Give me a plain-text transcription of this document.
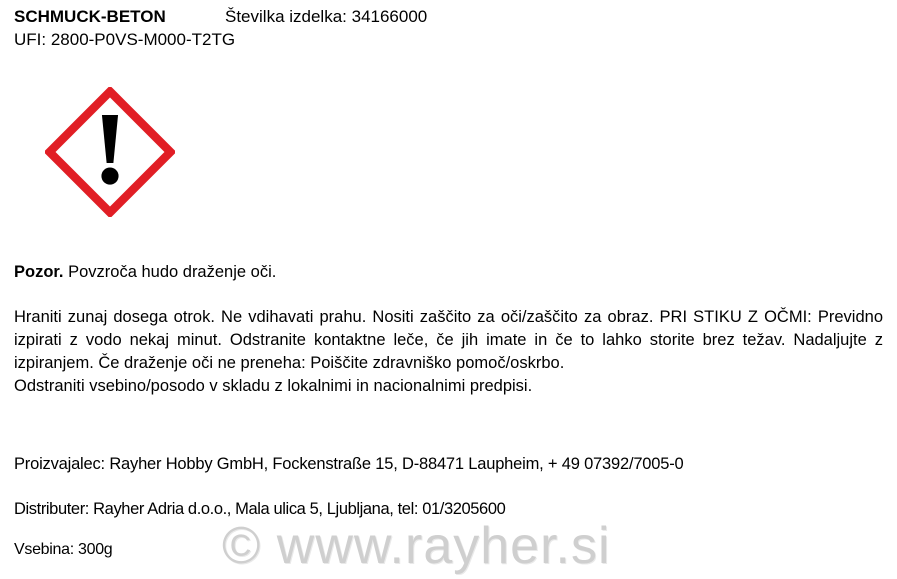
SCHMUCK-BETON	Številka izdelka: 34166000
UFI: 2800-P0VS-M000-T2TG
Pozor. Povzroča hudo draženje oči.

Hraniti zunaj dosega otrok. Ne vdihavati prahu. Nositi zaščito za oči/zaščito za obraz. PRI STIKU Z OČMI: Previdno izpirati z vodo nekaj minut. Odstranite kontaktne leče, če jih imate in če to lahko storite brez težav. Nadaljujte z izpiranjem. Če draženje oči ne preneha: Poiščite zdravniško pomoč/oskrbo.

Odstraniti vsebino/posodo v skladu z lokalnimi in nacionalnimi predpisi.

Proizvajalec: Rayher Hobby GmbH, Fockenstraße 15, D-88471 Laupheim, + 49 07392/7005-0
Distributer: Rayher Adria d.o.o., Mala ulica 5, Ljubljana, tel: 01/3205600
Vsebina: 300g © www.rayher.si
